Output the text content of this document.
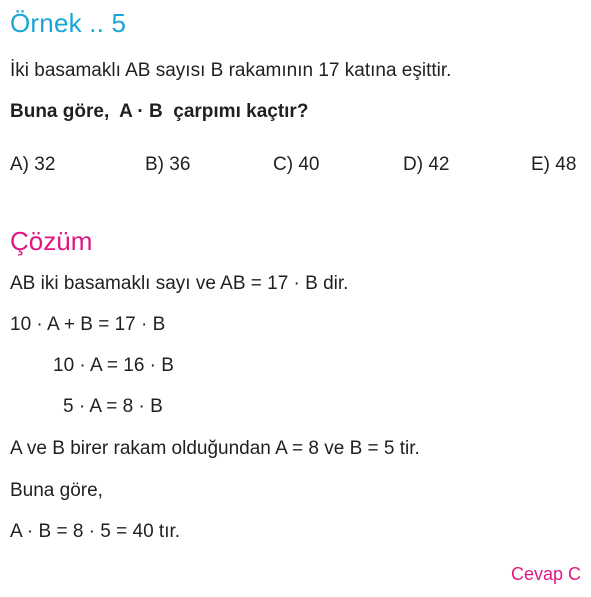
Örnek .. 5
İki basamaklı AB sayısı B rakamının 17 katına eşittir.
Buna göre,  A · B  çarpımı kaçtır?
A) 32	B) 36	C) 40	D) 42	E) 48
Çözüm
AB iki basamaklı sayı ve AB = 17 · B dir.
10 · A + B = 17 · B
10 · A = 16 · B
5 · A = 8 · B
A ve B birer rakam olduğundan A = 8 ve B = 5 tir.
Buna göre,
A · B = 8 · 5 = 40 tır.
Cevap C
